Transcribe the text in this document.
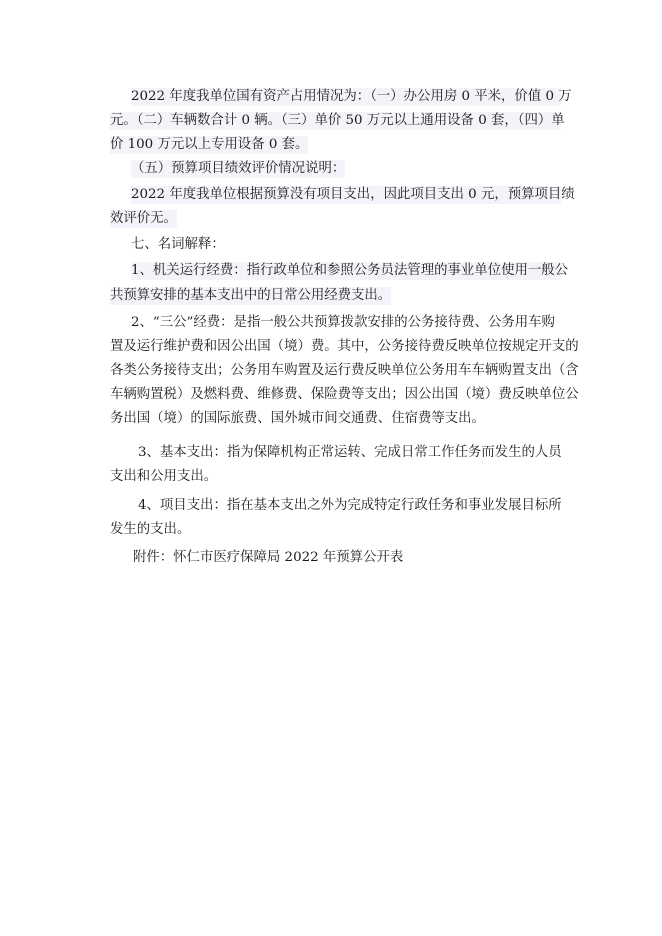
2022 年度我单位国有资产占用情况为：（一）办公用房 0 平米，价值 0 万
元。（二）车辆数合计 0 辆。（三）单价 50 万元以上通用设备 0 套，（四）单
价 100 万元以上专用设备 0 套。
（五）预算项目绩效评价情况说明：
2022 年度我单位根据预算没有项目支出，因此项目支出 0 元，预算项目绩
效评价无。
七、名词解释：
1、机关运行经费：指行政单位和参照公务员法管理的事业单位使用一般公
共预算安排的基本支出中的日常公用经费支出。
2、“三公”经费：是指一般公共预算拨款安排的公务接待费、公务用车购
置及运行维护费和因公出国（境）费。其中，公务接待费反映单位按规定开支的
各类公务接待支出；公务用车购置及运行费反映单位公务用车车辆购置支出（含
车辆购置税）及燃料费、维修费、保险费等支出；因公出国（境）费反映单位公
务出国（境）的国际旅费、国外城市间交通费、住宿费等支出。
3、基本支出：指为保障机构正常运转、完成日常工作任务而发生的人员
支出和公用支出。
4、项目支出：指在基本支出之外为完成特定行政任务和事业发展目标所
发生的支出。
附件：怀仁市医疗保障局 2022 年预算公开表
